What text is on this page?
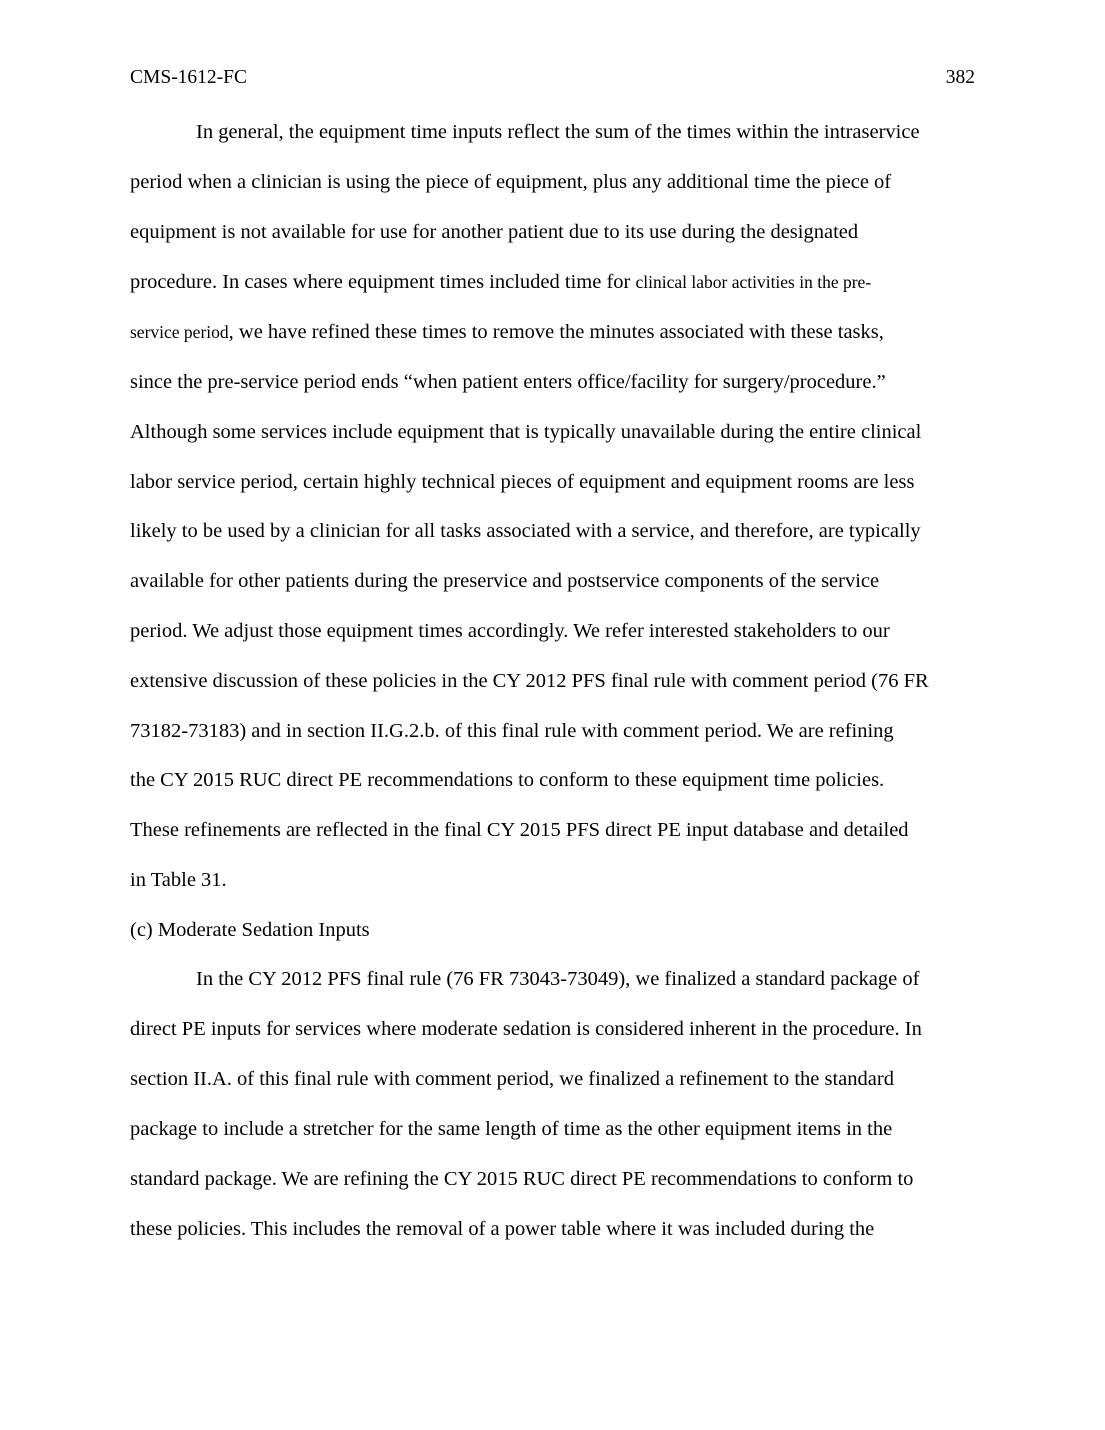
CMS-1612-FC	382
In general, the equipment time inputs reflect the sum of the times within the intraservice
period when a clinician is using the piece of equipment, plus any additional time the piece of
equipment is not available for use for another patient due to its use during the designated
procedure. In cases where equipment times included time for clinical labor activities in the pre-
service period, we have refined these times to remove the minutes associated with these tasks,
since the pre-service period ends “when patient enters office/facility for surgery/procedure.”
Although some services include equipment that is typically unavailable during the entire clinical
labor service period, certain highly technical pieces of equipment and equipment rooms are less
likely to be used by a clinician for all tasks associated with a service, and therefore, are typically
available for other patients during the preservice and postservice components of the service
period. We adjust those equipment times accordingly. We refer interested stakeholders to our
extensive discussion of these policies in the CY 2012 PFS final rule with comment period (76 FR
73182-73183) and in section II.G.2.b. of this final rule with comment period. We are refining
the CY 2015 RUC direct PE recommendations to conform to these equipment time policies.
These refinements are reflected in the final CY 2015 PFS direct PE input database and detailed
in Table 31.
(c) Moderate Sedation Inputs
In the CY 2012 PFS final rule (76 FR 73043-73049), we finalized a standard package of
direct PE inputs for services where moderate sedation is considered inherent in the procedure. In
section II.A. of this final rule with comment period, we finalized a refinement to the standard
package to include a stretcher for the same length of time as the other equipment items in the
standard package. We are refining the CY 2015 RUC direct PE recommendations to conform to
these policies. This includes the removal of a power table where it was included during the
